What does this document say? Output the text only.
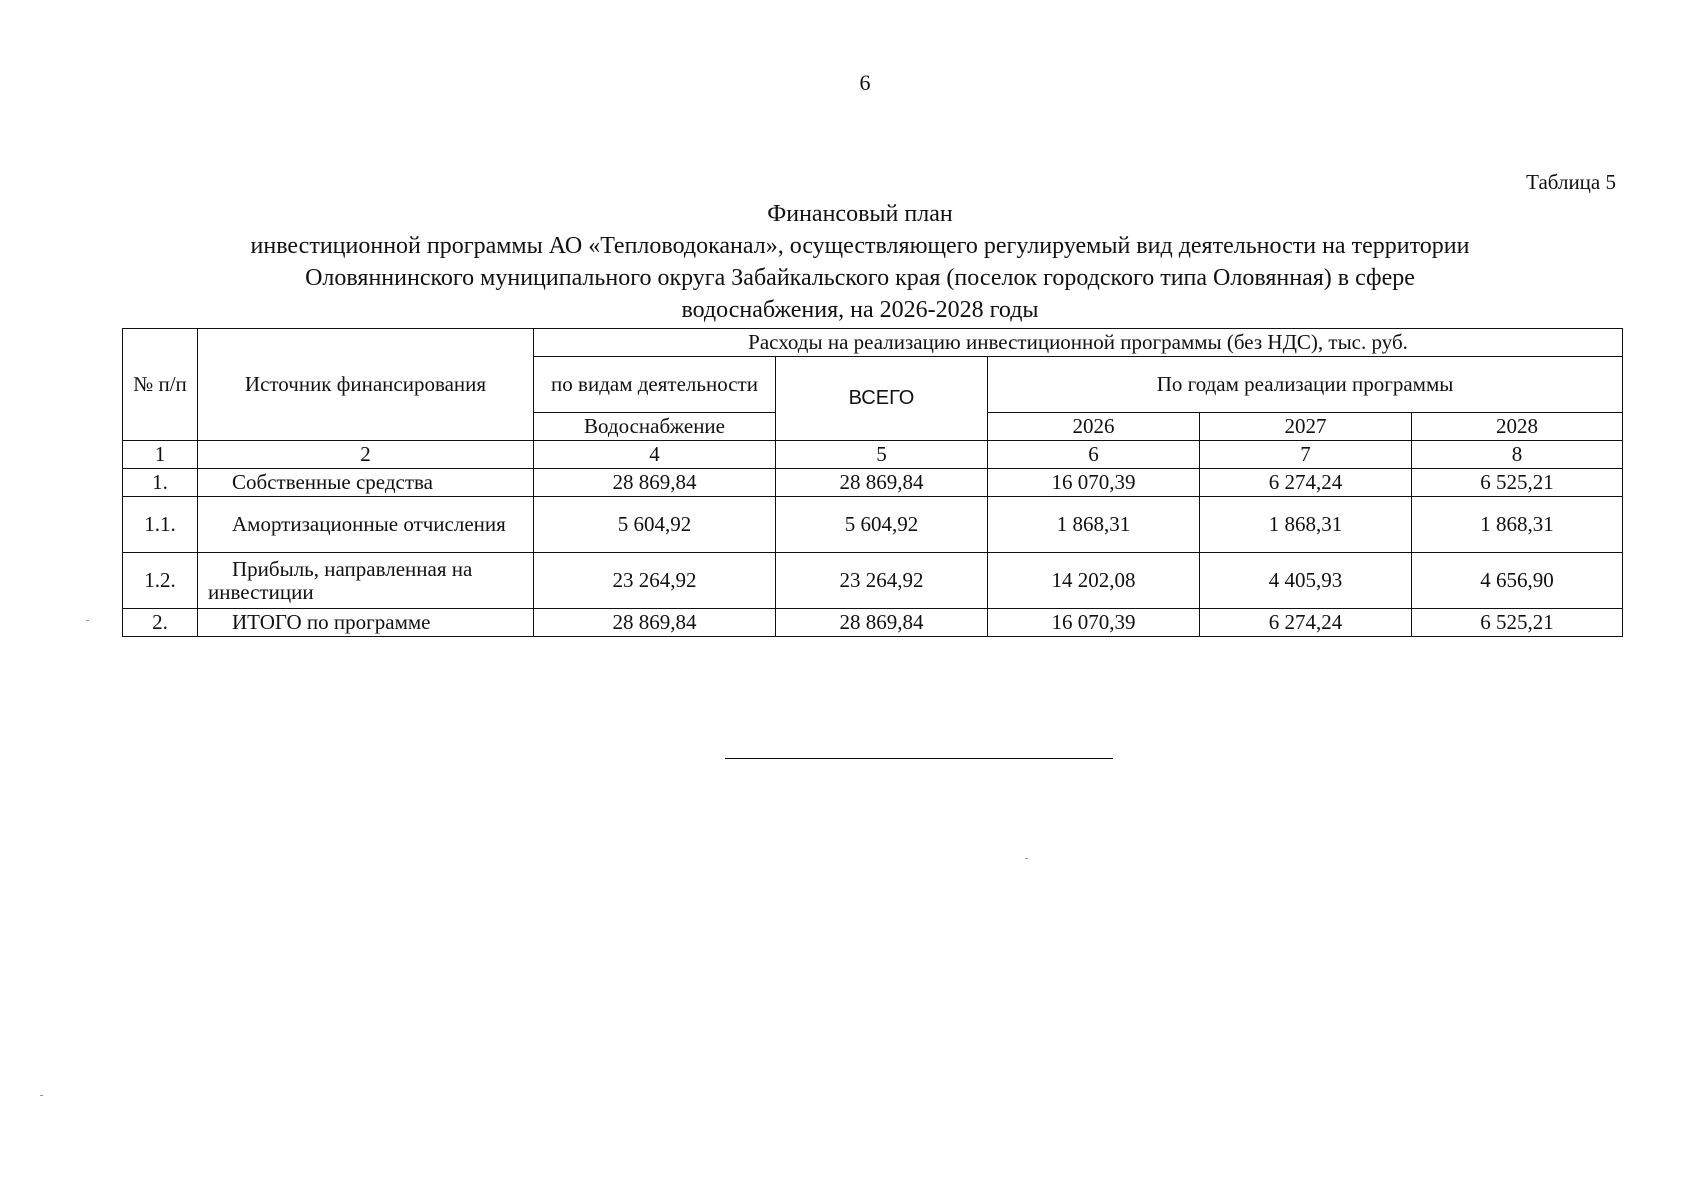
6
Таблица 5
Финансовый план
инвестиционной программы АО «Тепловодоканал», осуществляющего регулируемый вид деятельности на территории
Оловяннинского муниципального округа Забайкальского края (поселок городского типа Оловянная) в сфере
водоснабжения, на 2026-2028 годы
№ п/п	Источник финансирования	Расходы на реализацию инвестиционной программы (без НДС), тыс. руб.				
		по видам деятельности	ВСЕГО	По годам реализации программы		
		Водоснабжение		2026	2027	2028
1	2	4	5	6	7	8
1.	Собственные средства	28 869,84	28 869,84	16 070,39	6 274,24	6 525,21
1.1.	Амортизационные отчисления	5 604,92	5 604,92	1 868,31	1 868,31	1 868,31
1.2.	Прибыль, направленная на инвестиции	23 264,92	23 264,92	14 202,08	4 405,93	4 656,90
2.	ИТОГО по программе	28 869,84	28 869,84	16 070,39	6 274,24	6 525,21
